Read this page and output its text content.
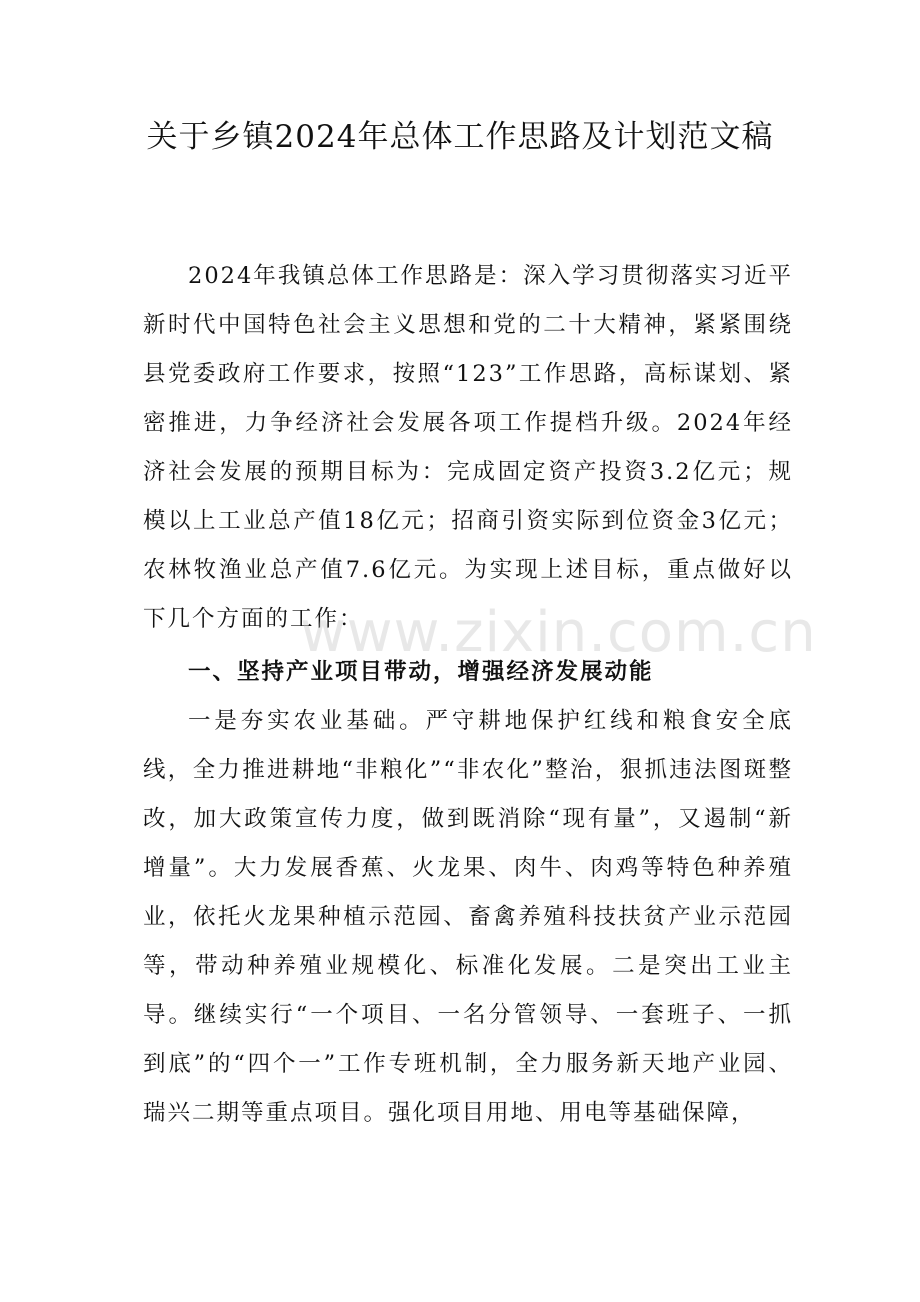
关于乡镇2024年总体工作思路及计划范文稿

2024年我镇总体工作思路是：深入学习贯彻落实习近平新时代中国特色社会主义思想和党的二十大精神，紧紧围绕县党委政府工作要求，按照“123”工作思路，高标谋划、紧密推进，力争经济社会发展各项工作提档升级。2024年经济社会发展的预期目标为：完成固定资产投资3.2亿元；规模以上工业总产值18亿元；招商引资实际到位资金3亿元；农林牧渔业总产值7.6亿元。为实现上述目标，重点做好以下几个方面的工作：

一、坚持产业项目带动，增强经济发展动能

一是夯实农业基础。严守耕地保护红线和粮食安全底线，全力推进耕地“非粮化”“非农化”整治，狠抓违法图斑整改，加大政策宣传力度，做到既消除“现有量”，又遏制“新增量”。大力发展香蕉、火龙果、肉牛、肉鸡等特色种养殖业，依托火龙果种植示范园、畜禽养殖科技扶贫产业示范园等，带动种养殖业规模化、标准化发展。二是突出工业主导。继续实行“一个项目、一名分管领导、一套班子、一抓到底”的“四个一”工作专班机制，全力服务新天地产业园、瑞兴二期等重点项目。强化项目用地、用电等基础保障，

www.zixin.com.cn
